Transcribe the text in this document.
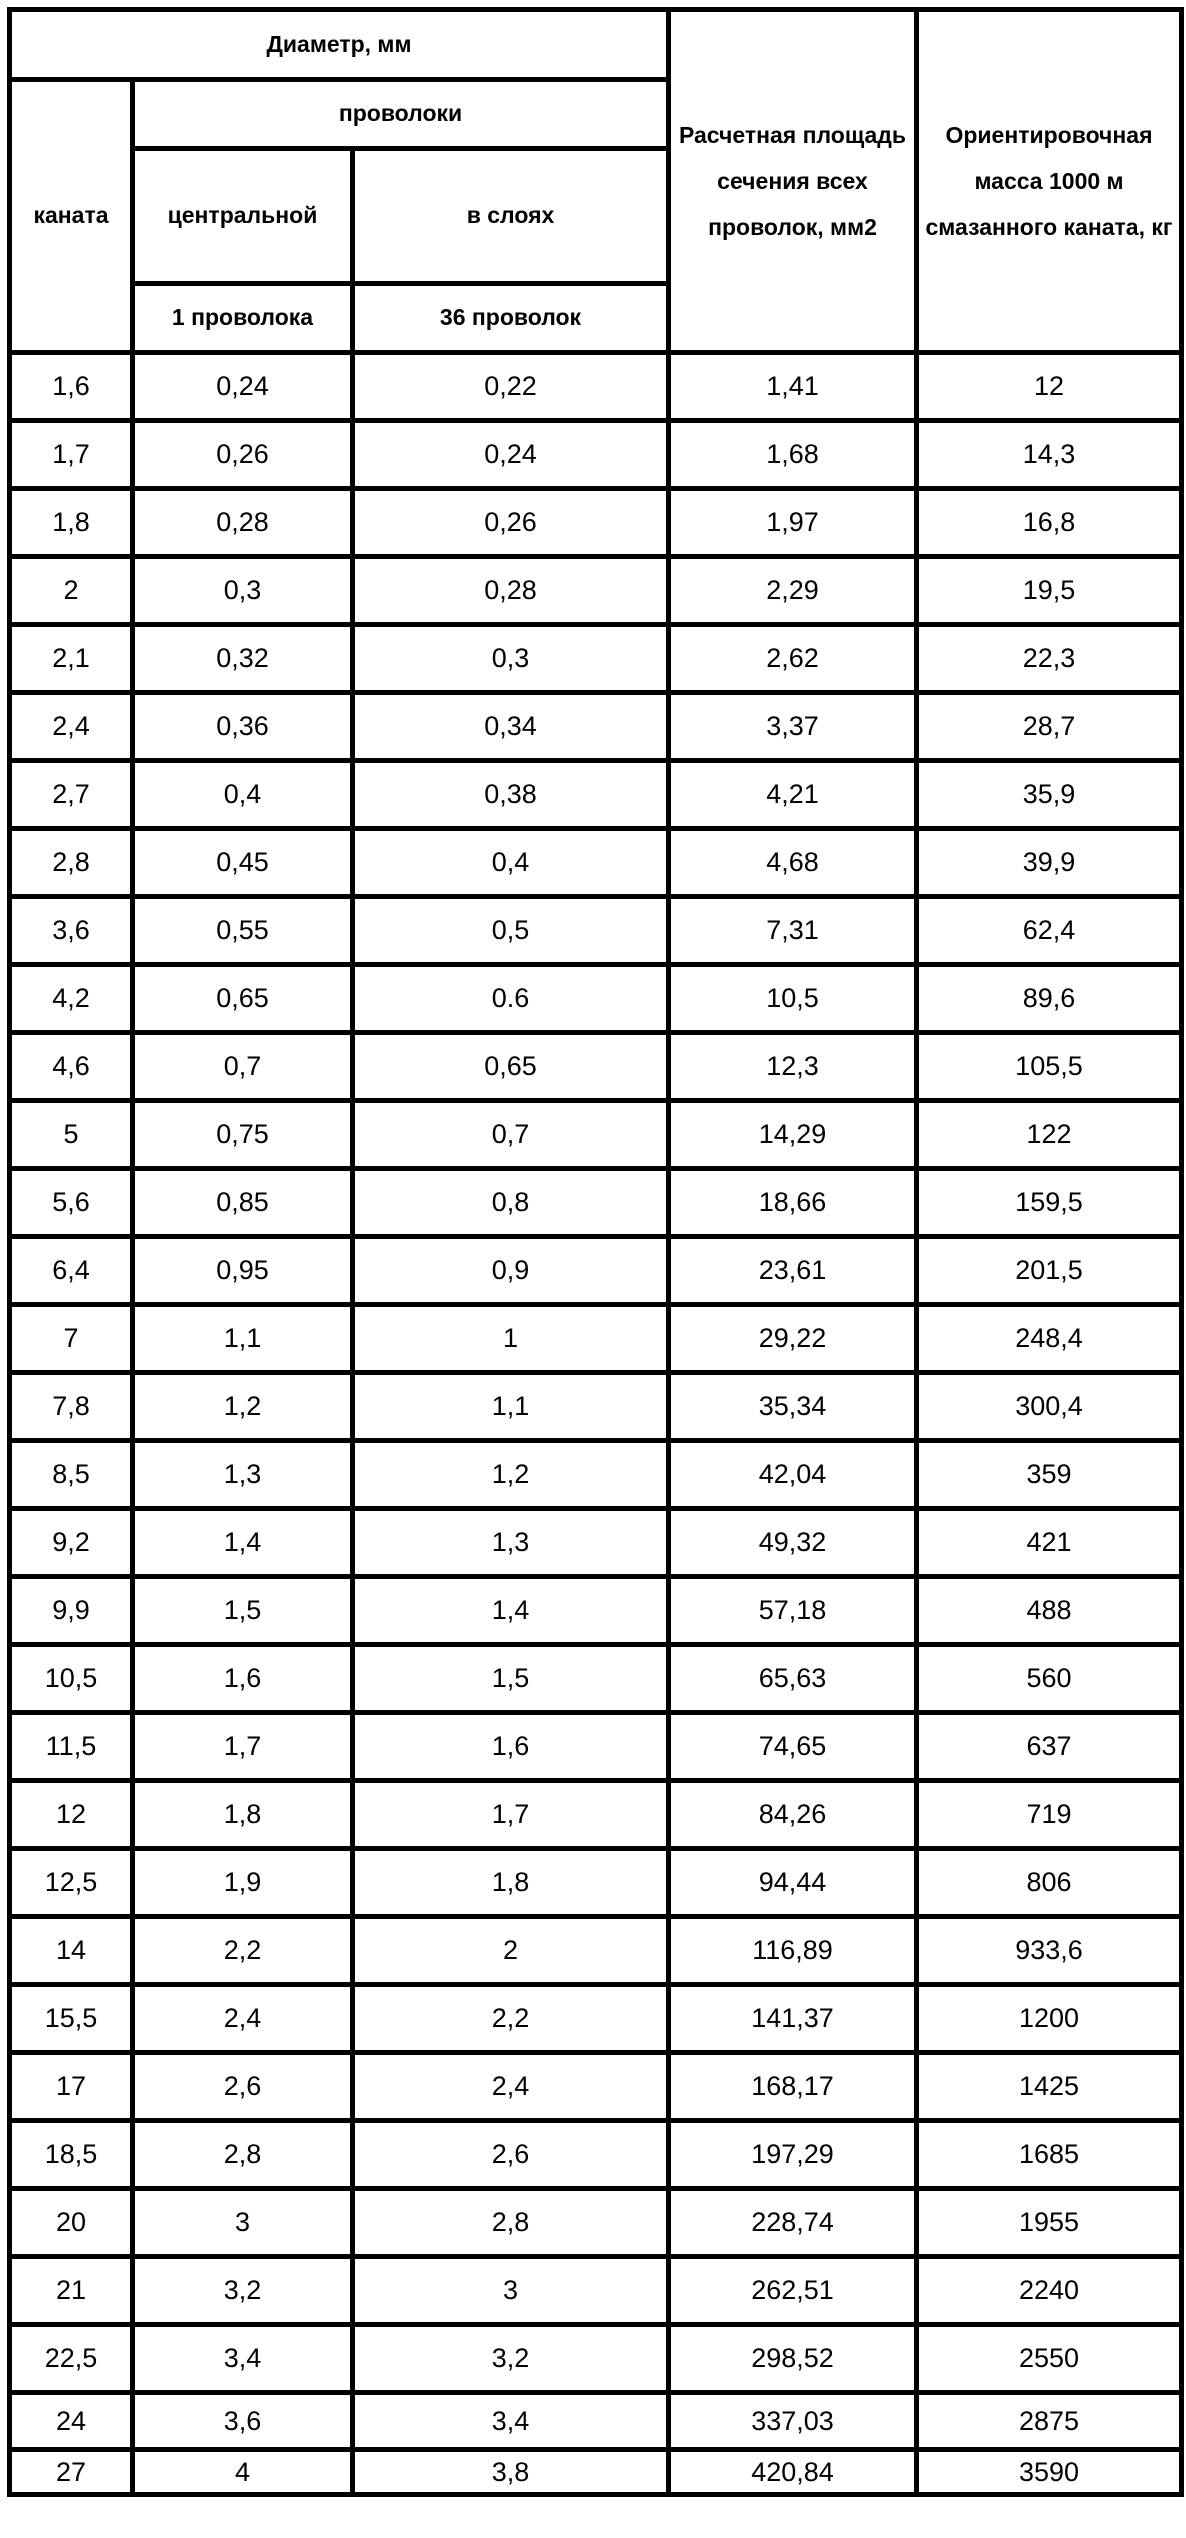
Диаметр, мм			Расчетная площадь сечения всех проволок, мм2	Ориентировочная масса 1000 м смазанного каната, кг
каната	проволоки			
	центральной	в слоях		
	1 проволока	36 проволок		
1,6	0,24	0,22	1,41	12
1,7	0,26	0,24	1,68	14,3
1,8	0,28	0,26	1,97	16,8
2	0,3	0,28	2,29	19,5
2,1	0,32	0,3	2,62	22,3
2,4	0,36	0,34	3,37	28,7
2,7	0,4	0,38	4,21	35,9
2,8	0,45	0,4	4,68	39,9
3,6	0,55	0,5	7,31	62,4
4,2	0,65	0.6	10,5	89,6
4,6	0,7	0,65	12,3	105,5
5	0,75	0,7	14,29	122
5,6	0,85	0,8	18,66	159,5
6,4	0,95	0,9	23,61	201,5
7	1,1	1	29,22	248,4
7,8	1,2	1,1	35,34	300,4
8,5	1,3	1,2	42,04	359
9,2	1,4	1,3	49,32	421
9,9	1,5	1,4	57,18	488
10,5	1,6	1,5	65,63	560
11,5	1,7	1,6	74,65	637
12	1,8	1,7	84,26	719
12,5	1,9	1,8	94,44	806
14	2,2	2	116,89	933,6
15,5	2,4	2,2	141,37	1200
17	2,6	2,4	168,17	1425
18,5	2,8	2,6	197,29	1685
20	3	2,8	228,74	1955
21	3,2	3	262,51	2240
22,5	3,4	3,2	298,52	2550
24	3,6	3,4	337,03	2875
27	4	3,8	420,84	3590
